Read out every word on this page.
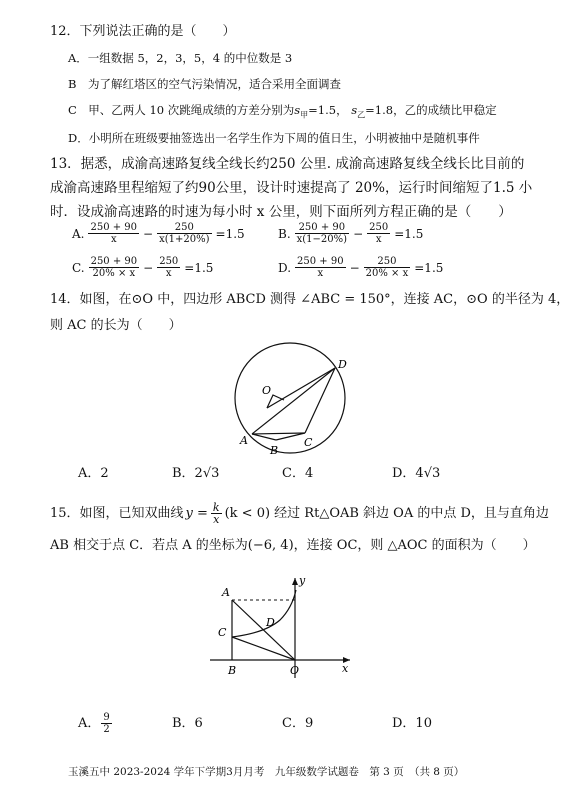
12．下列说法正确的是（　　）
A．一组数据 5，2，3，5，4 的中位数是 3
B　为了解红塔区的空气污染情况，适合采用全面调查
C　甲、乙两人 10 次跳绳成绩的方差分别为$s_甲=1.5$， $s_乙=1.8$，乙的成绩比甲稳定
D．小明所在班级要抽签选出一名学生作为下周的值日生，小明被抽中是随机事件
13．据悉，成渝高速路复线全线长约250 公里. 成渝高速路复线全线长比目前的
成渝高速路里程缩短了约90公里，设计时速提高了 20%，运行时间缩短了1.5 小
时．设成渝高速路的时速为每小时 x 公里，则下面所列方程正确的是（　　）
A. $\frac{250 + 90}{x} - \frac{250}{x(1+20\%)} =1.5$	B. $\frac{250 + 90}{x(1-20\%)} - \frac{250}{x} =1.5$
C. $\frac{250 + 90}{20\% \times x} - \frac{250}{x} =1.5$	D. $\frac{250 + 90}{x} - \frac{250}{20\% \times x} =1.5$
14．如图，在⊙O 中，四边形 ABCD 测得 ∠ABC = 150°，连接 AC，⊙O 的半径为 4，
则 AC 的长为（　　）
O
D
A
B
C
A．2	B．2√3	C．4	D．4√3
15．如图，已知双曲线 $y = \frac{k}{x} (k < 0)$ 经过 Rt△OAB 斜边 OA 的中点 D，且与直角边
AB 相交于点 C．若点 A 的坐标为(−6, 4)，连接 OC，则 △AOC 的面积为（　　）
A
C
D
B	O	x
y
A． $\frac{9}{2}$	B．6	C．9	D．10
玉溪五中 2023-2024 学年下学期3月月考　九年级数学试题卷　第 3 页　（共 8 页）
